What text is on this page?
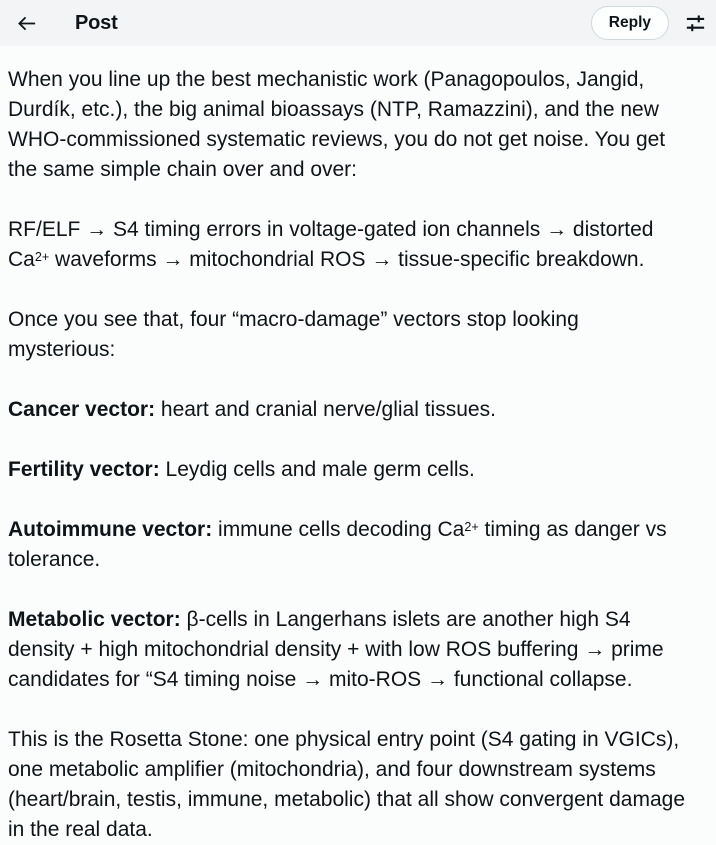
Post	Reply

When you line up the best mechanistic work (Panagopoulos, Jangid, Durdík, etc.), the big animal bioassays (NTP, Ramazzini), and the new WHO-commissioned systematic reviews, you do not get noise. You get the same simple chain over and over:

RF/ELF → S4 timing errors in voltage-gated ion channels → distorted $Ca^{2+}$ waveforms → mitochondrial ROS → tissue-specific breakdown.

Once you see that, four “macro-damage” vectors stop looking mysterious:

Cancer vector: heart and cranial nerve/glial tissues.

Fertility vector: Leydig cells and male germ cells.

Autoimmune vector: immune cells decoding $Ca^{2+}$ timing as danger vs tolerance.

Metabolic vector: β-cells in Langerhans islets are another high S4 density + high mitochondrial density + with low ROS buffering → prime candidates for “S4 timing noise → mito-ROS → functional collapse.

This is the Rosetta Stone: one physical entry point (S4 gating in VGICs), one metabolic amplifier (mitochondria), and four downstream systems (heart/brain, testis, immune, metabolic) that all show convergent damage in the real data.
